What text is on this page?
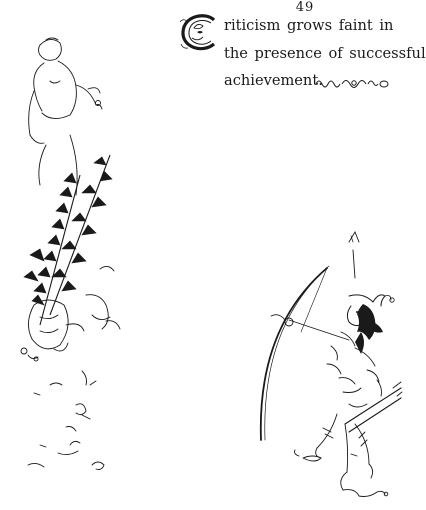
49
riticism grows faint in
the presence of successful
achievement.
